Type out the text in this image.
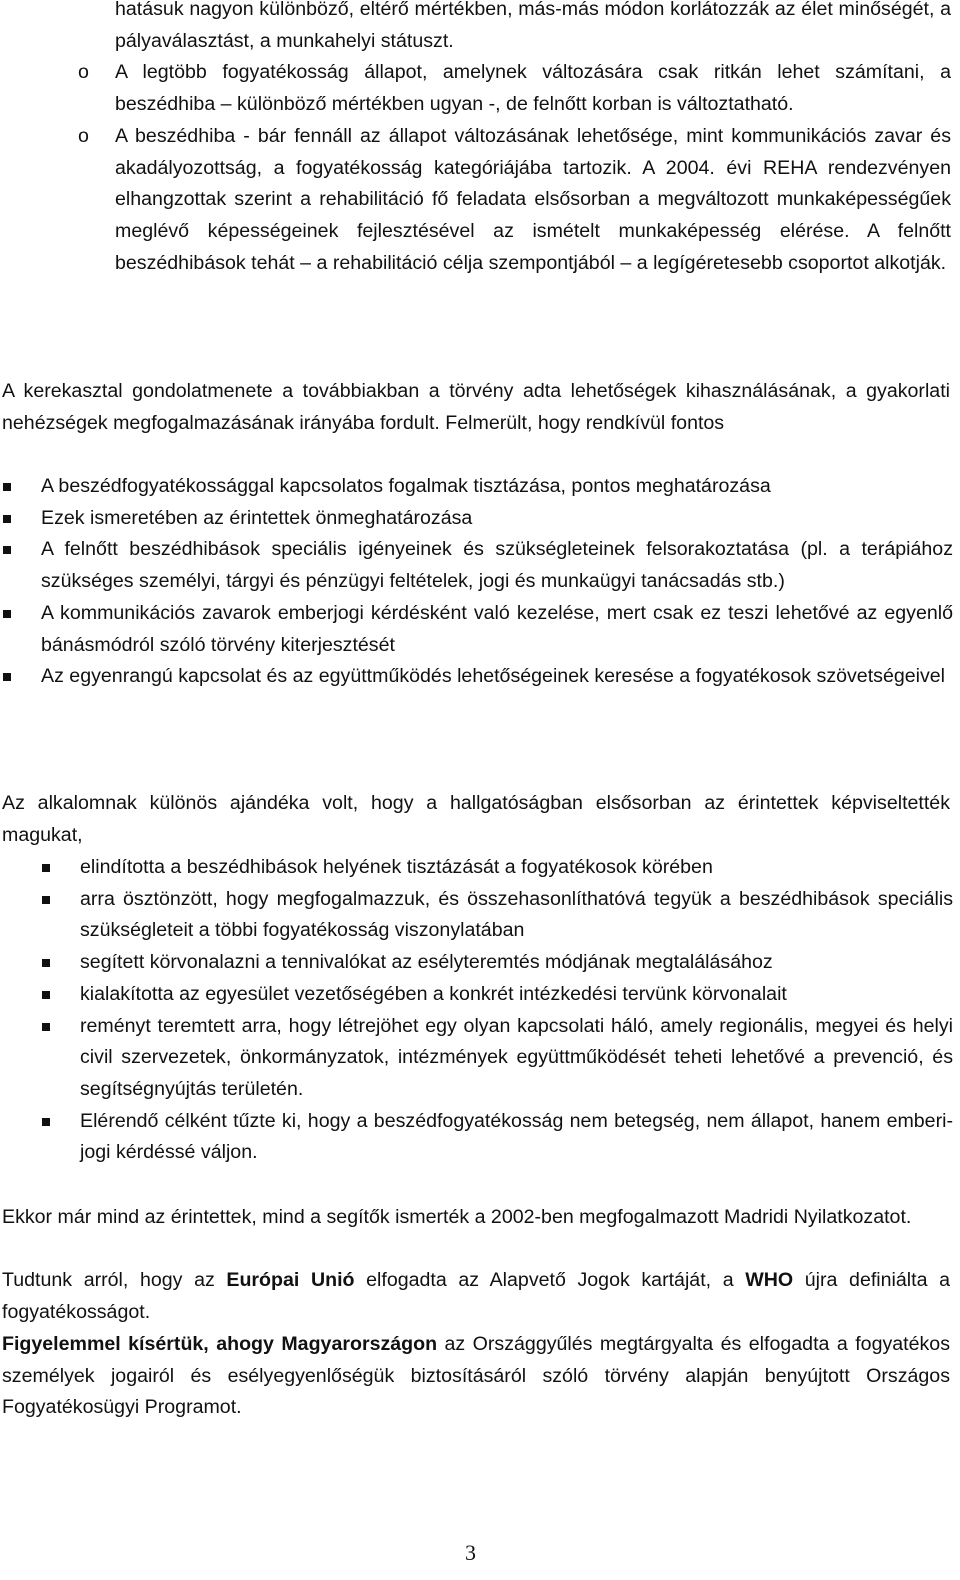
hatásuk nagyon különböző, eltérő mértékben, más-más módon korlátozzák az élet minőségét, a pályaválasztást, a munkahelyi státuszt.

o A legtöbb fogyatékosság állapot, amelynek változására csak ritkán lehet számítani, a beszédhiba – különböző mértékben ugyan -, de felnőtt korban is változtatható.

o A beszédhiba - bár fennáll az állapot változásának lehetősége, mint kommunikációs zavar és akadályozottság, a fogyatékosság kategóriájába tartozik. A 2004. évi REHA rendezvényen elhangzottak szerint a rehabilitáció fő feladata elsősorban a megváltozott munkaképességűek meglévő képességeinek fejlesztésével az ismételt munkaképesség elérése. A felnőtt beszédhibások tehát – a rehabilitáció célja szempontjából – a legígéretesebb csoportot alkotják.

A kerekasztal gondolatmenete a továbbiakban a törvény adta lehetőségek kihasználásának, a gyakorlati nehézségek megfogalmazásának irányába fordult. Felmerült, hogy rendkívül fontos

A beszédfogyatékossággal kapcsolatos fogalmak tisztázása, pontos meghatározása

Ezek ismeretében az érintettek önmeghatározása

A felnőtt beszédhibások speciális igényeinek és szükségleteinek felsorakoztatása (pl. a terápiához szükséges személyi, tárgyi és pénzügyi feltételek, jogi és munkaügyi tanácsadás stb.)

A kommunikációs zavarok emberjogi kérdésként való kezelése, mert csak ez teszi lehetővé az egyenlő bánásmódról szóló törvény kiterjesztését

Az egyenrangú kapcsolat és az együttműködés lehetőségeinek keresése a fogyatékosok szövetségeivel

Az alkalomnak különös ajándéka volt, hogy a hallgatóságban elsősorban az érintettek képviseltették magukat,

elindította a beszédhibások helyének tisztázását a fogyatékosok körében

arra ösztönzött, hogy megfogalmazzuk, és összehasonlíthatóvá tegyük a beszédhibások speciális szükségleteit a többi fogyatékosság viszonylatában

segített körvonalazni a tennivalókat az esélyteremtés módjának megtalálásához

kialakította az egyesület vezetőségében a konkrét intézkedési tervünk körvonalait

reményt teremtett arra, hogy létrejöhet egy olyan kapcsolati háló, amely regionális, megyei és helyi civil szervezetek, önkormányzatok, intézmények együttműködését teheti lehetővé a prevenció, és segítségnyújtás területén.

Elérendő célként tűzte ki, hogy a beszédfogyatékosság nem betegség, nem állapot, hanem emberi-jogi kérdéssé váljon.

Ekkor már mind az érintettek, mind a segítők ismerték a 2002-ben megfogalmazott Madridi Nyilatkozatot.

Tudtunk arról, hogy az Európai Unió elfogadta az Alapvető Jogok kartáját, a WHO újra definiálta a fogyatékosságot.

Figyelemmel kísértük, ahogy Magyarországon az Országgyűlés megtárgyalta és elfogadta a fogyatékos személyek jogairól és esélyegyenlőségük biztosításáról szóló törvény alapján benyújtott Országos Fogyatékosügyi Programot.

3
